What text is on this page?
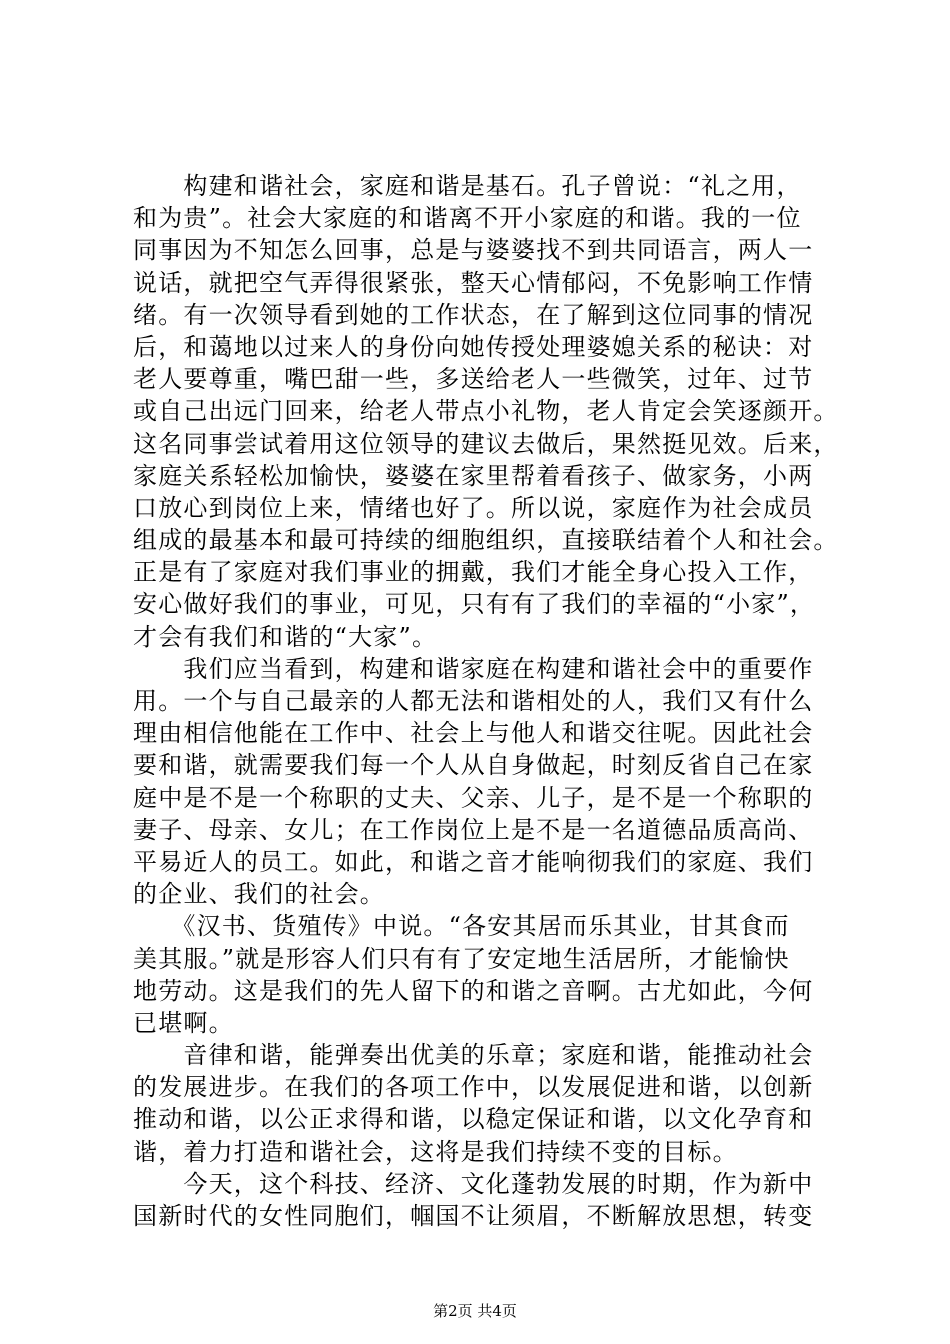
　　构建和谐社会，家庭和谐是基石。孔子曾说：“礼之用，
和为贵”。社会大家庭的和谐离不开小家庭的和谐。我的一位
同事因为不知怎么回事，总是与婆婆找不到共同语言，两人一
说话，就把空气弄得很紧张，整天心情郁闷，不免影响工作情
绪。有一次领导看到她的工作状态，在了解到这位同事的情况
后，和蔼地以过来人的身份向她传授处理婆媳关系的秘诀：对
老人要尊重，嘴巴甜一些，多送给老人一些微笑，过年、过节
或自己出远门回来，给老人带点小礼物，老人肯定会笑逐颜开。
这名同事尝试着用这位领导的建议去做后，果然挺见效。后来，
家庭关系轻松加愉快，婆婆在家里帮着看孩子、做家务，小两
口放心到岗位上来，情绪也好了。所以说，家庭作为社会成员
组成的最基本和最可持续的细胞组织，直接联结着个人和社会。
正是有了家庭对我们事业的拥戴，我们才能全身心投入工作，
安心做好我们的事业，可见，只有有了我们的幸福的“小家”，
才会有我们和谐的“大家”。
　　我们应当看到，构建和谐家庭在构建和谐社会中的重要作
用。一个与自己最亲的人都无法和谐相处的人，我们又有什么
理由相信他能在工作中、社会上与他人和谐交往呢。因此社会
要和谐，就需要我们每一个人从自身做起，时刻反省自己在家
庭中是不是一个称职的丈夫、父亲、儿子，是不是一个称职的
妻子、母亲、女儿；在工作岗位上是不是一名道德品质高尚、
平易近人的员工。如此，和谐之音才能响彻我们的家庭、我们
的企业、我们的社会。
　　《汉书、货殖传》中说。“各安其居而乐其业，甘其食而
美其服。”就是形容人们只有有了安定地生活居所，才能愉快
地劳动。这是我们的先人留下的和谐之音啊。古尤如此，今何
已堪啊。
　　音律和谐，能弹奏出优美的乐章；家庭和谐，能推动社会
的发展进步。在我们的各项工作中，以发展促进和谐，以创新
推动和谐，以公正求得和谐，以稳定保证和谐，以文化孕育和
谐，着力打造和谐社会，这将是我们持续不变的目标。
　　今天，这个科技、经济、文化蓬勃发展的时期，作为新中
国新时代的女性同胞们，帼国不让须眉，不断解放思想，转变
第2页 共4页
